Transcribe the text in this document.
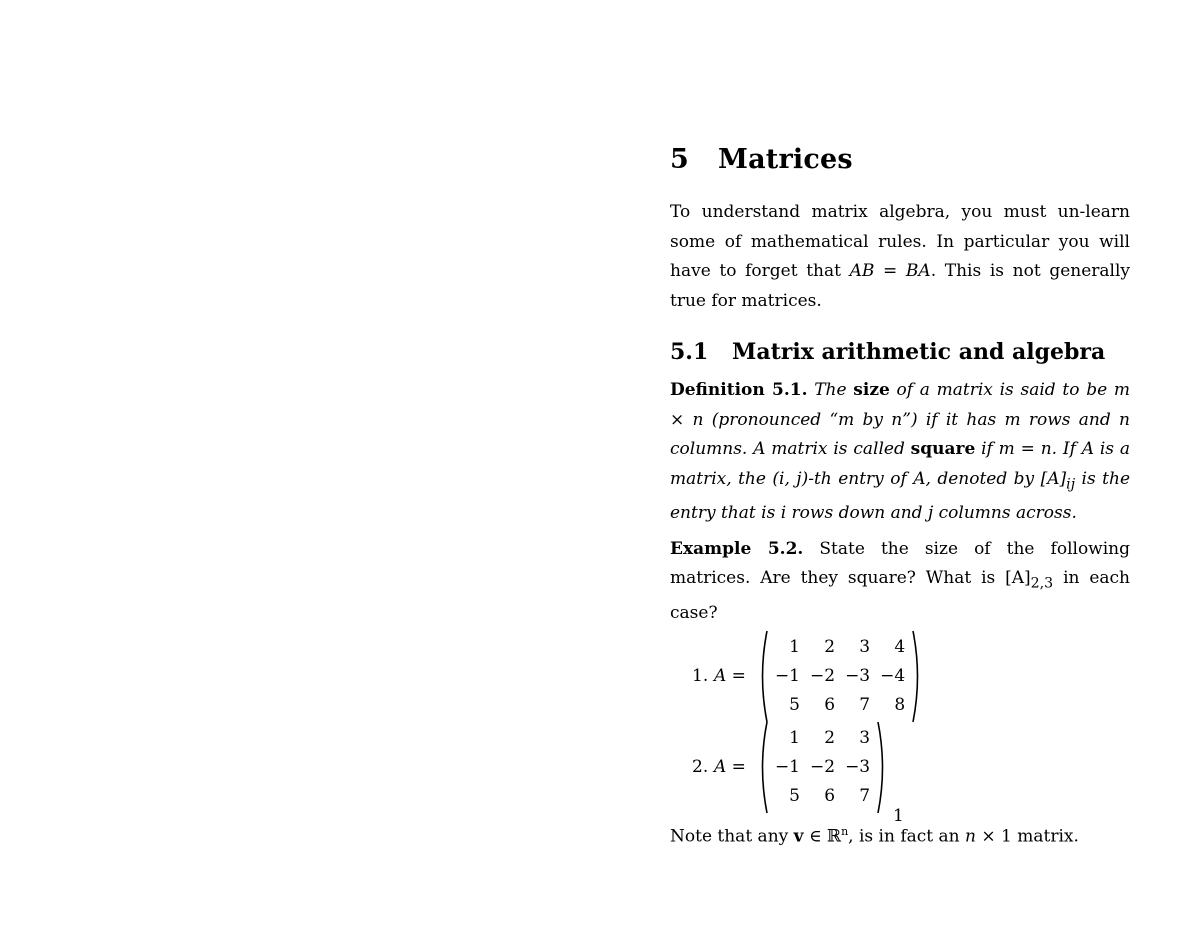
5 Matrices

To understand matrix algebra, you must un-learn some of mathematical rules. In particular you will have to forget that AB = BA. This is not generally true for matrices.

5.1 Matrix arithmetic and algebra

Definition 5.1. The size of a matrix is said to be m × n (pronounced “m by n”) if it has m rows and n columns. A matrix is called square if m = n. If A is a matrix, the (i, j)-th entry of A, denoted by $[A]_{ij}$ is the entry that is i rows down and j columns across.

Example 5.2. State the size of the following matrices. Are they square? What is $[A]_{2,3}$ in each case?

1. A =
1	2	3	4
−1	−2	−3	−4
5	6	7	8
2. A =
1	2	3
−1	−2	−3
5	6	7

Note that any v ∈ ℝ$^n$, is in fact an n × 1 matrix.

1
